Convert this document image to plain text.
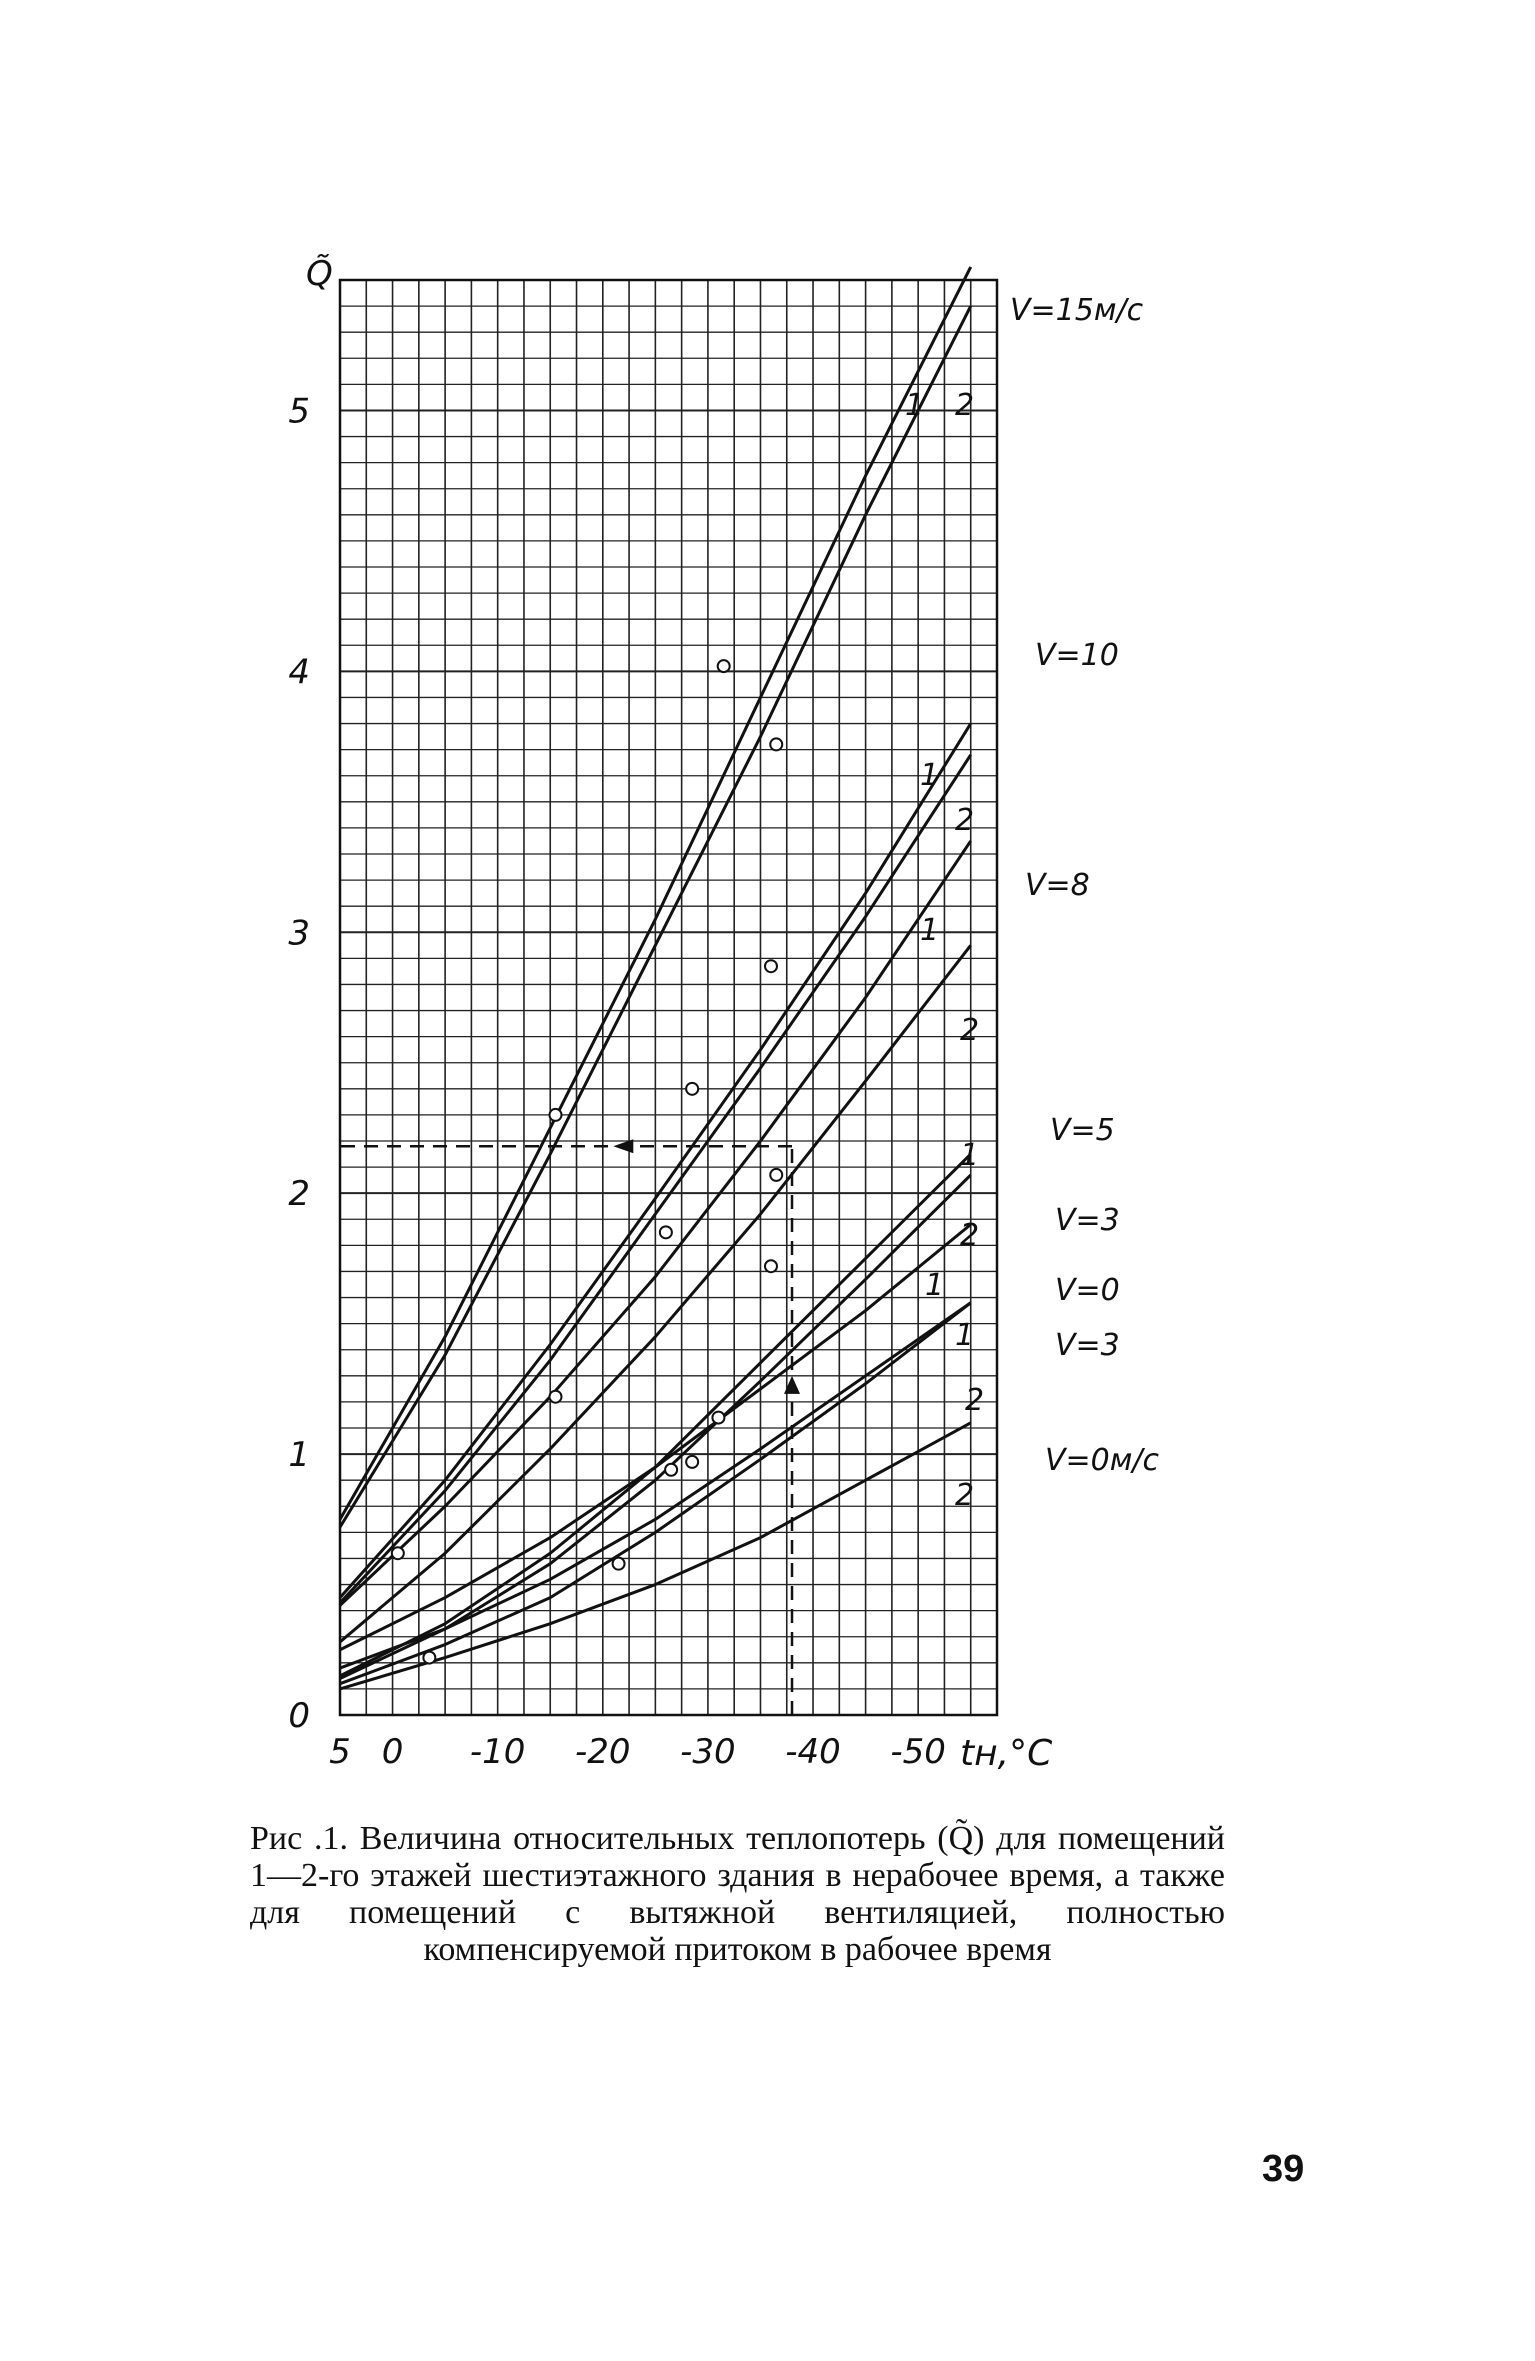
5 0 -10 -20 -30 -40 -50
0
1
2
3
4
5
V=15м/с
V=10
V=8
V=5
V=3
V=0
V=3
V=0м/с
1 2
1
2
1
2
1
2
1
1
2
2
Q̃
tн,°C
Рис .1. Величина относительных теплопотерь (Q̃) для помещений 1—2-го этажей шестиэтажного здания в нерабочее время, а также для помещений с вытяжной вентиляцией, полностью компенсируемой притоком в рабочее время
39
